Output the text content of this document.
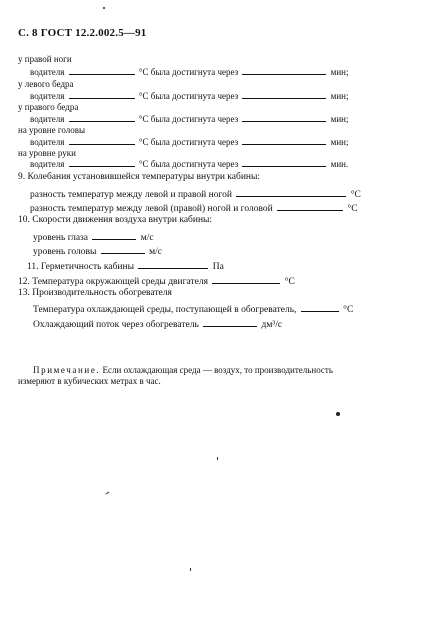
С. 8 ГОСТ 12.2.002.5—91
у правой ноги
водителя	°С была достигнута через	мин;
у левого бедра
водителя	°С была достигнута через	мин;
у правого бедра
водителя	°С была достигнута через	мин;
на уровне головы
водителя	°С была достигнута через	мин;
на уровне руки
водителя	°С была достигнута через	мин.
9. Колебания установившейся температуры внутри кабины:
разность температур между левой и правой ногой	°С
разность температур между левой (правой) ногой и головой	°С
10. Скорости движения воздуха внутри кабины:
уровень глаза	м/с
уровень головы	м/с
11. Герметичность кабины	Па
12. Температура окружающей среды двигателя	°С
13. Производительность обогревателя
Температура охлаждающей среды, поступающей в обогреватель,	°С
Охлаждающий поток через обогреватель	дм³/с
Примечание. Если охлаждающая среда — воздух, то производительность
измеряют в кубических метрах в час.
